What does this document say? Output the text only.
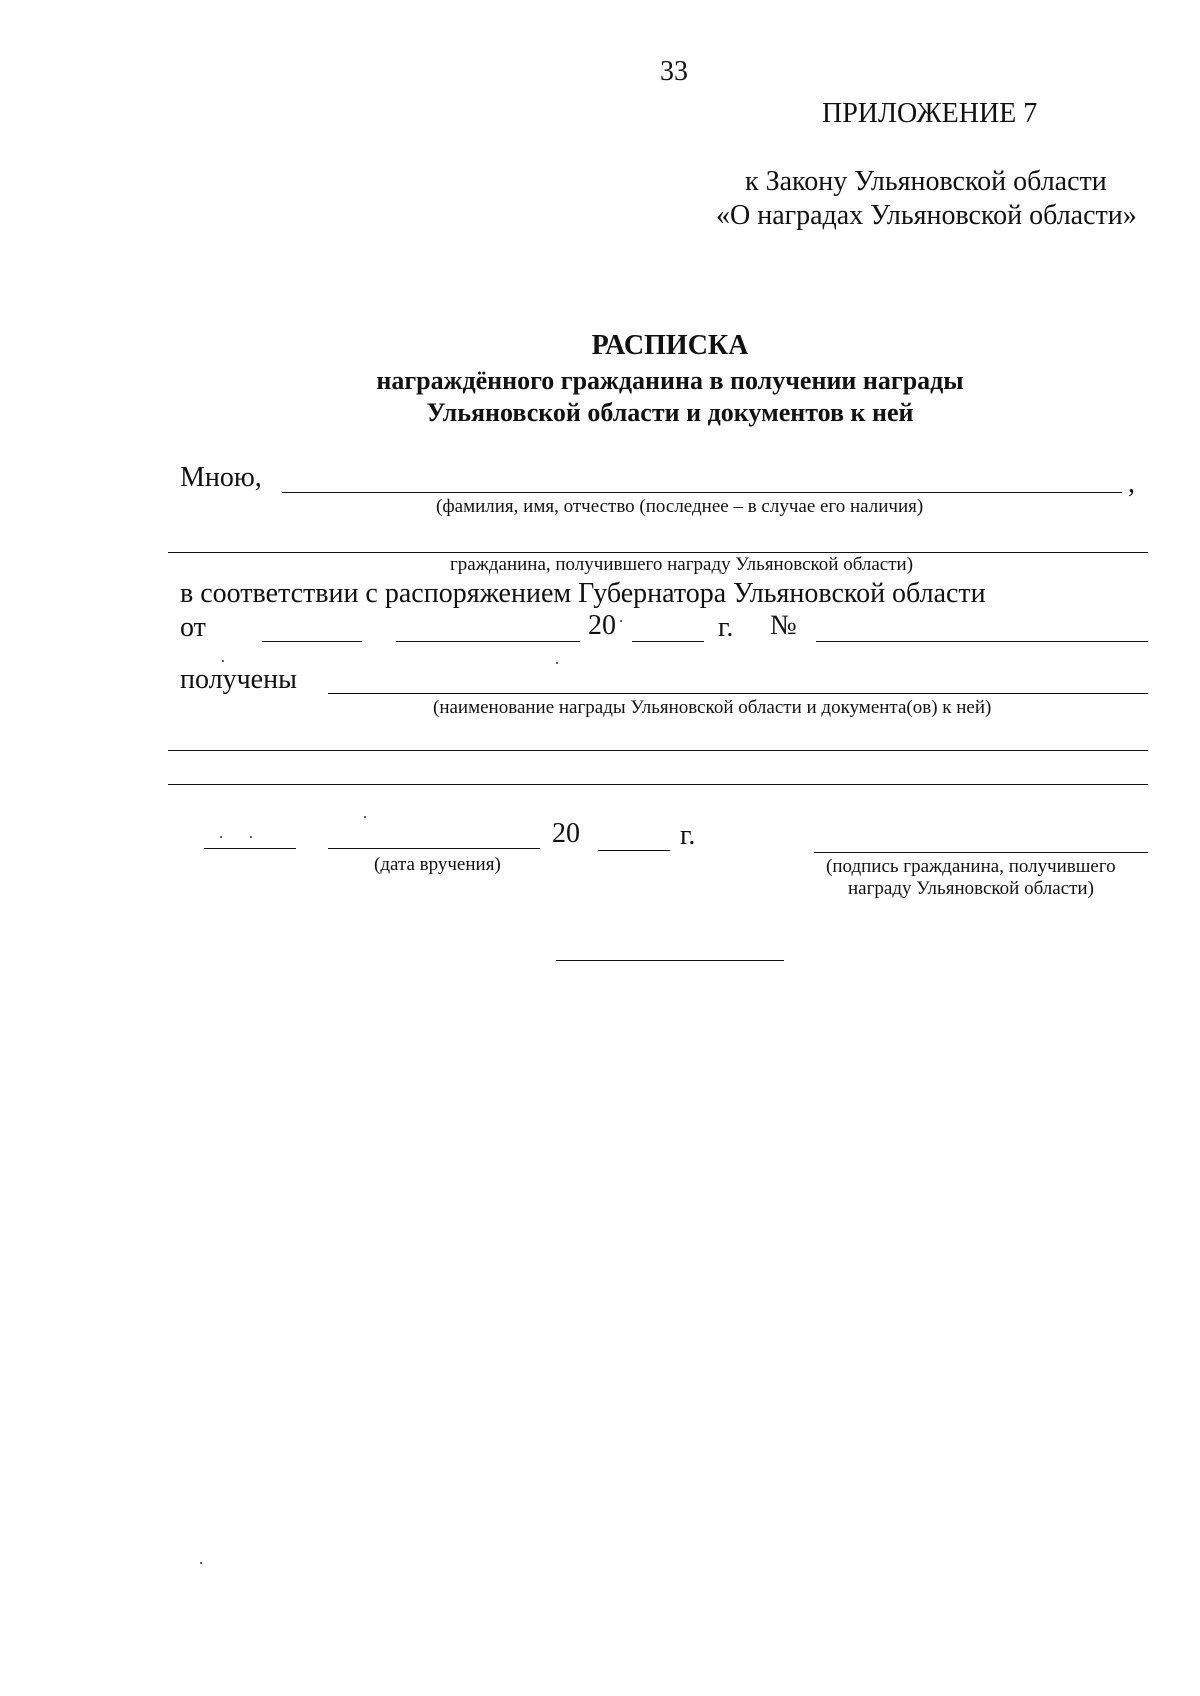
33
ПРИЛОЖЕНИЕ 7
к Закону Ульяновской области
«О наградах Ульяновской области»
РАСПИСКА
награждённого гражданина в получении награды
Ульяновской области и документов к ней
Мною,	,
(фамилия, имя, отчество (последнее – в случае его наличия)
гражданина, получившего награду Ульяновской области)
в соответствии с распоряжением Губернатора Ульяновской области
от	20	г. №
получены
(наименование награды Ульяновской области и документа(ов) к ней)
20	г.
(дата вручения)	(подпись гражданина, получившего
награду Ульяновской области)
